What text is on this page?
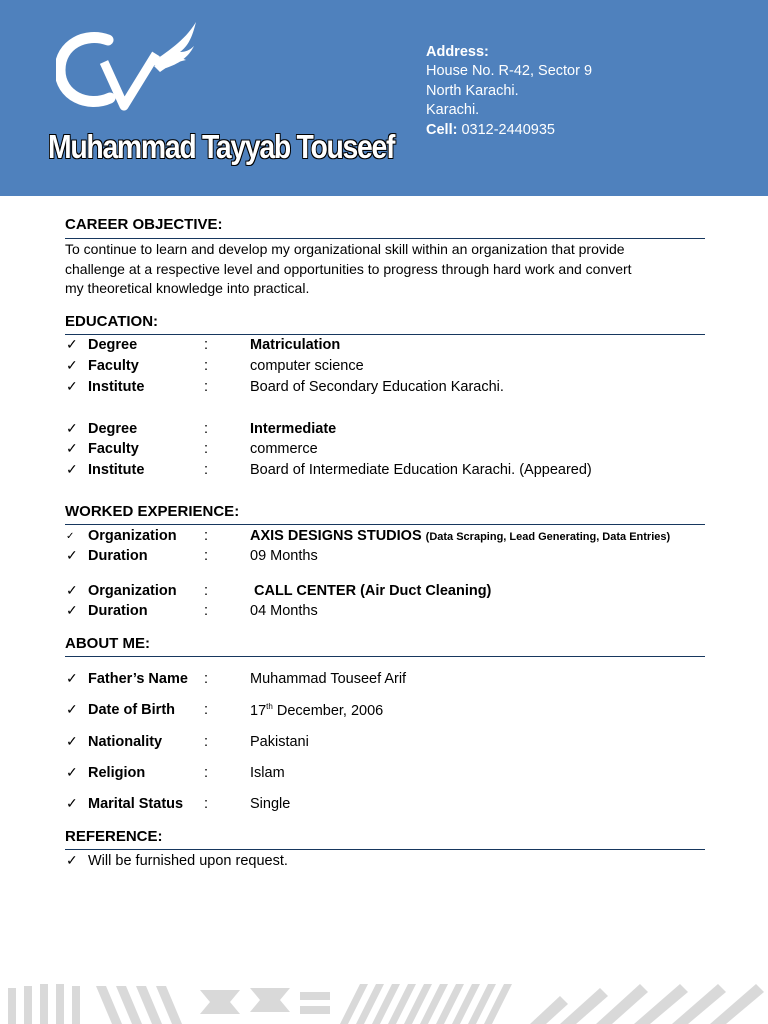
Muhammad Tayyab Touseef
Address:
House No. R-42, Sector 9
North Karachi.
Karachi.
Cell: 0312-2440935
CAREER OBJECTIVE:
To continue to learn and develop my organizational skill within an organization that provide
challenge at a respective level and opportunities to progress through hard work and convert
my theoretical knowledge into practical.
EDUCATION:
✓ Degree	:	Matriculation
✓ Faculty	:	computer science
✓ Institute	:	Board of Secondary Education Karachi.
✓ Degree	:	Intermediate
✓ Faculty	:	commerce
✓ Institute	:	Board of Intermediate Education Karachi. (Appeared)
WORKED EXPERIENCE:
✓ Organization :	AXIS DESIGNS STUDIOS (Data Scraping, Lead Generating, Data Entries)
✓ Duration	:	09 Months
✓ Organization :	CALL CENTER (Air Duct Cleaning)
✓ Duration	:	04 Months
ABOUT ME:
✓ Father’s Name :	Muhammad Touseef Arif
✓ Date of Birth :	17th December, 2006
✓ Nationality	:	Pakistani
✓ Religion	:	Islam
✓ Marital Status :	Single
REFERENCE:
✓ Will be furnished upon request.
